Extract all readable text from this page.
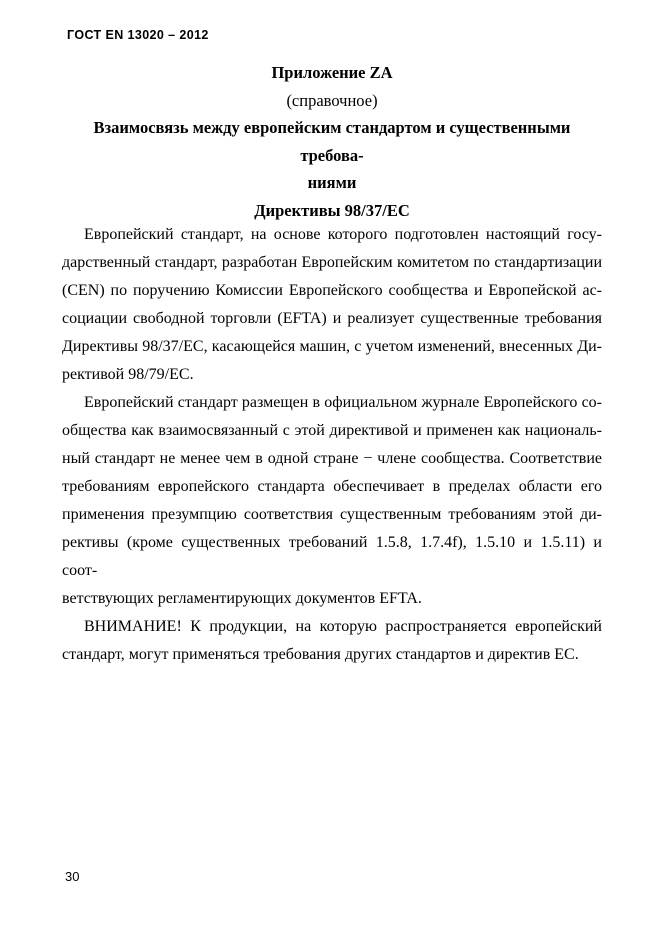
ГОСТ EN 13020 – 2012
Приложение ZA
(справочное)
Взаимосвязь между европейским стандартом и существенными требова-
ниями
Директивы 98/37/ЕС
Европейский стандарт, на основе которого подготовлен настоящий госу-
дарственный стандарт, разработан Европейским комитетом по стандартизации
(CEN) по поручению Комиссии Европейского сообщества и Европейской ас-
социации свободной торговли (EFTA) и реализует существенные требования
Директивы 98/37/ЕС, касающейся машин, с учетом изменений, внесенных Ди-
рективой 98/79/ЕС.
Европейский стандарт размещен в официальном журнале Европейского со-
общества как взаимосвязанный с этой директивой и применен как националь-
ный стандарт не менее чем в одной стране − члене сообщества. Соответствие
требованиям европейского стандарта обеспечивает в пределах области его
применения презумпцию соответствия существенным требованиям этой ди-
рективы (кроме существенных требований 1.5.8, 1.7.4f), 1.5.10 и 1.5.11) и соот-
ветствующих регламентирующих документов EFTA.
ВНИМАНИЕ! К продукции, на которую распространяется европейский
стандарт, могут применяться требования других стандартов и директив ЕС.
30
